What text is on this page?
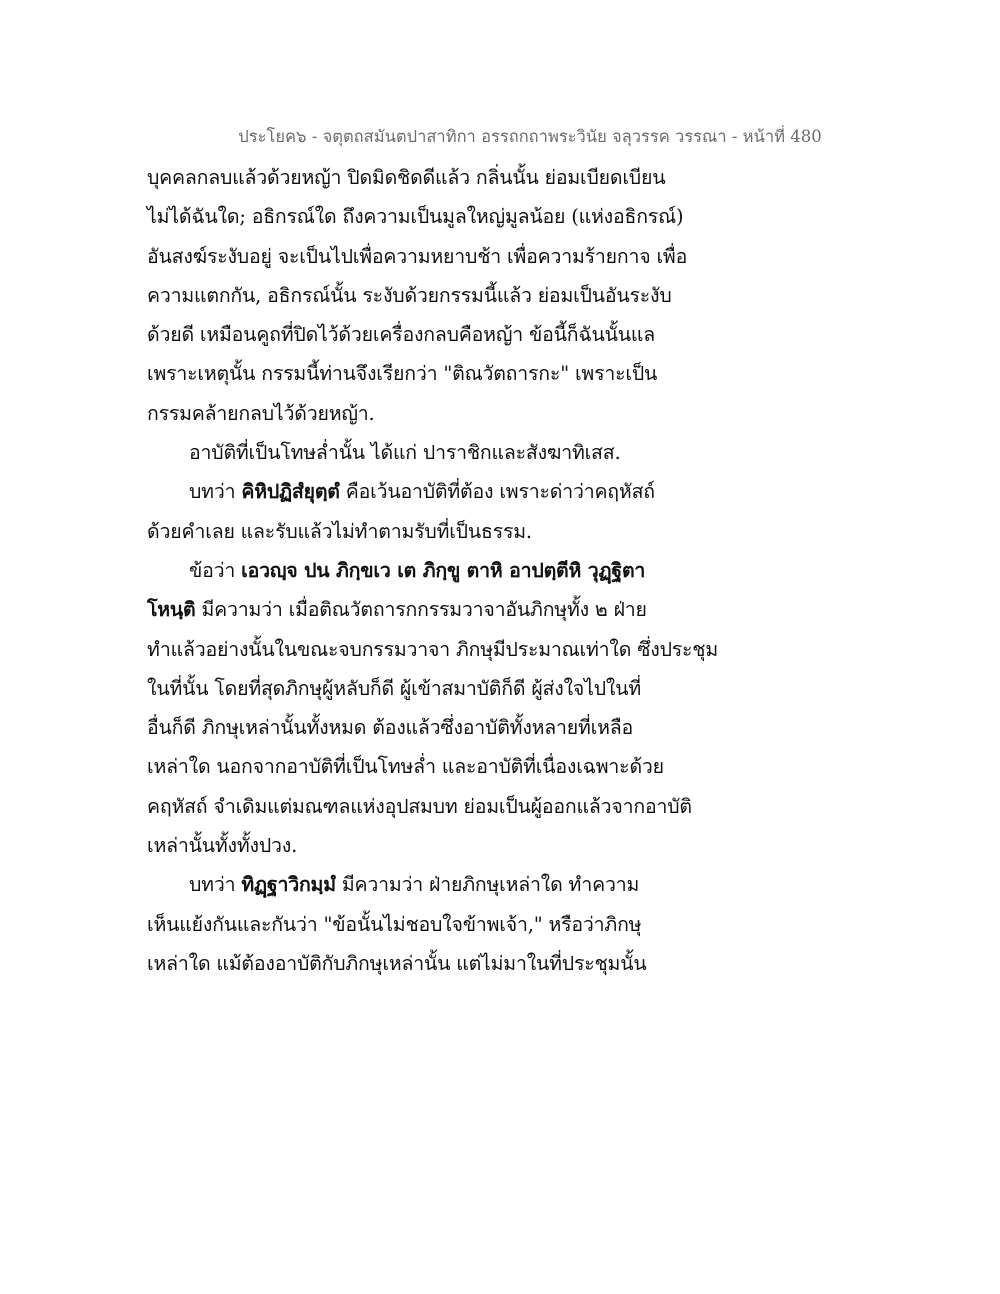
ประโยค๖ - จตุตถสมันตปาสาทิกา อรรถกถาพระวินัย จลุวรรค วรรณา - หน้าที่ 480
บุคคลกลบแล้วด้วยหญ้า ปิดมิดชิดดีแล้ว กลิ่นนั้น ย่อมเบียดเบียน
ไม่ได้ฉันใด; อธิกรณ์ใด ถึงความเป็นมูลใหญ่มูลน้อย (แห่งอธิกรณ์)
อันสงฆ์ระงับอยู่ จะเป็นไปเพื่อความหยาบช้า เพื่อความร้ายกาจ เพื่อ
ความแตกกัน, อธิกรณ์นั้น ระงับด้วยกรรมนี้แล้ว ย่อมเป็นอันระงับ
ด้วยดี เหมือนคูถที่ปิดไว้ด้วยเครื่องกลบคือหญ้า ข้อนี้ก็ฉันนั้นแล
เพราะเหตุนั้น กรรมนี้ท่านจึงเรียกว่า "ติณวัตถารกะ" เพราะเป็น
กรรมคล้ายกลบไว้ด้วยหญ้า.
อาบัติที่เป็นโทษล่ำนั้น ได้แก่ ปาราชิกและสังฆาทิเสส.
บทว่า คิหิปฏิสํยุตฺตํ คือเว้นอาบัติที่ต้อง เพราะด่าว่าคฤหัสถ์
ด้วยคำเลย และรับแล้วไม่ทำตามรับที่เป็นธรรม.
ข้อว่า เอวญฺจ ปน ภิกฺขเว เต ภิกฺขู ตาหิ อาปตฺตีหิ วุฏฺฐิตา
โหนฺติ มีความว่า เมื่อติณวัตถารกกรรมวาจาอันภิกษุทั้ง ๒ ฝ่าย
ทำแล้วอย่างนั้นในขณะจบกรรมวาจา ภิกษุมีประมาณเท่าใด ซึ่งประชุม
ในที่นั้น โดยที่สุดภิกษุผู้หลับก็ดี ผู้เข้าสมาบัติก็ดี ผู้ส่งใจไปในที่
อื่นก็ดี ภิกษุเหล่านั้นทั้งหมด ต้องแล้วซึ่งอาบัติทั้งหลายที่เหลือ
เหล่าใด นอกจากอาบัติที่เป็นโทษล่ำ และอาบัติที่เนื่องเฉพาะด้วย
คฤหัสถ์ จำเดิมแต่มณฑลแห่งอุปสมบท ย่อมเป็นผู้ออกแล้วจากอาบัติ
เหล่านั้นทั้งทั้งปวง.
บทว่า ทิฏฺฐาวิกมฺมํ มีความว่า ฝ่ายภิกษุเหล่าใด ทำความ
เห็นแย้งกันและกันว่า "ข้อนั้นไม่ชอบใจข้าพเจ้า," หรือว่าภิกษุ
เหล่าใด แม้ต้องอาบัติกับภิกษุเหล่านั้น แต่ไม่มาในที่ประชุมนั้น
